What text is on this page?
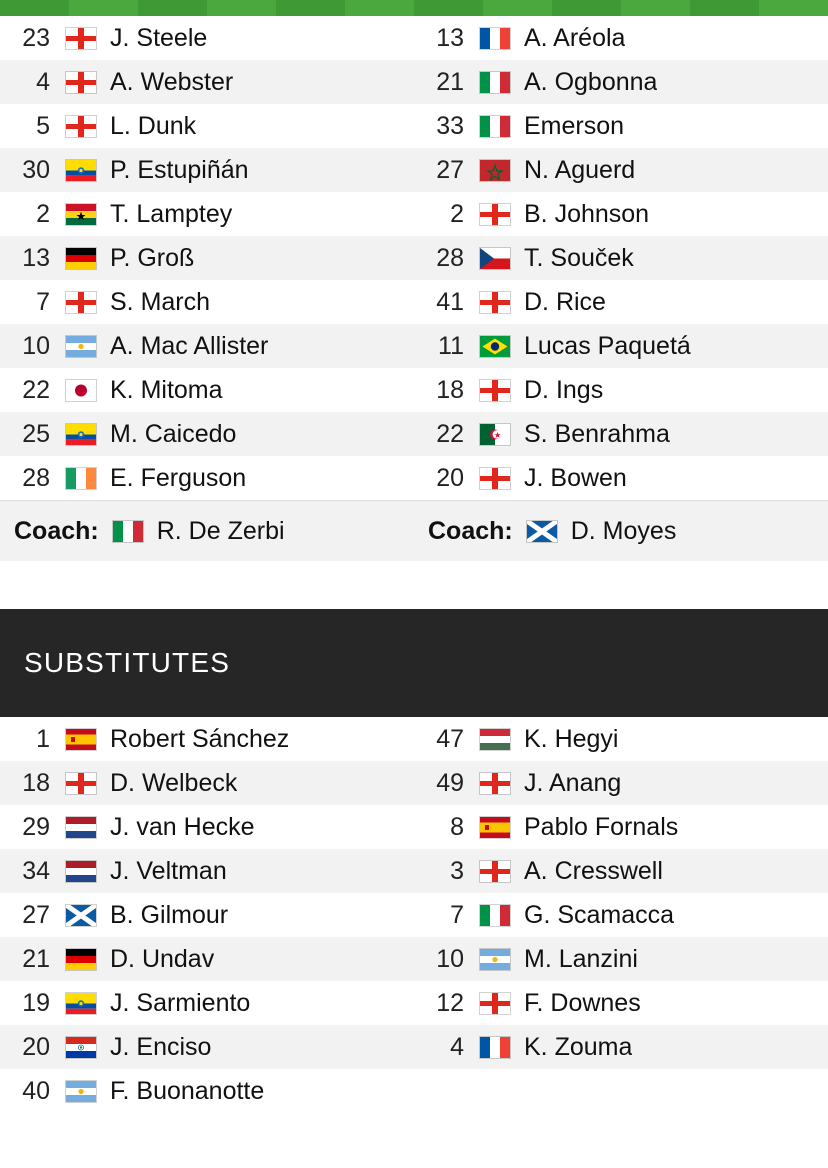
23	J. Steele	13	A. Aréola

4	A. Webster	21	A. Ogbonna

5	L. Dunk	33	Emerson

30	P. Estupiñán	27	N. Aguerd

2	T. Lamptey	2	B. Johnson

13	P. Groß	28	T. Souček

7	S. March	41	D. Rice

10	A. Mac Allister	11	Lucas Paquetá

22	K. Mitoma	18	D. Ings

25	M. Caicedo	22	S. Benrahma

28	E. Ferguson	20	J. Bowen

Coach: R. De Zerbi	Coach: D. Moyes
SUBSTITUTES
1	Robert Sánchez	47	K. Hegyi

18	D. Welbeck	49	J. Anang

29	J. van Hecke	8	Pablo Fornals

34	J. Veltman	3	A. Cresswell

27	B. Gilmour	7	G. Scamacca

21	D. Undav	10	M. Lanzini

19	J. Sarmiento	12	F. Downes

20	J. Enciso	4	K. Zouma

40 F. Buonanotte	
